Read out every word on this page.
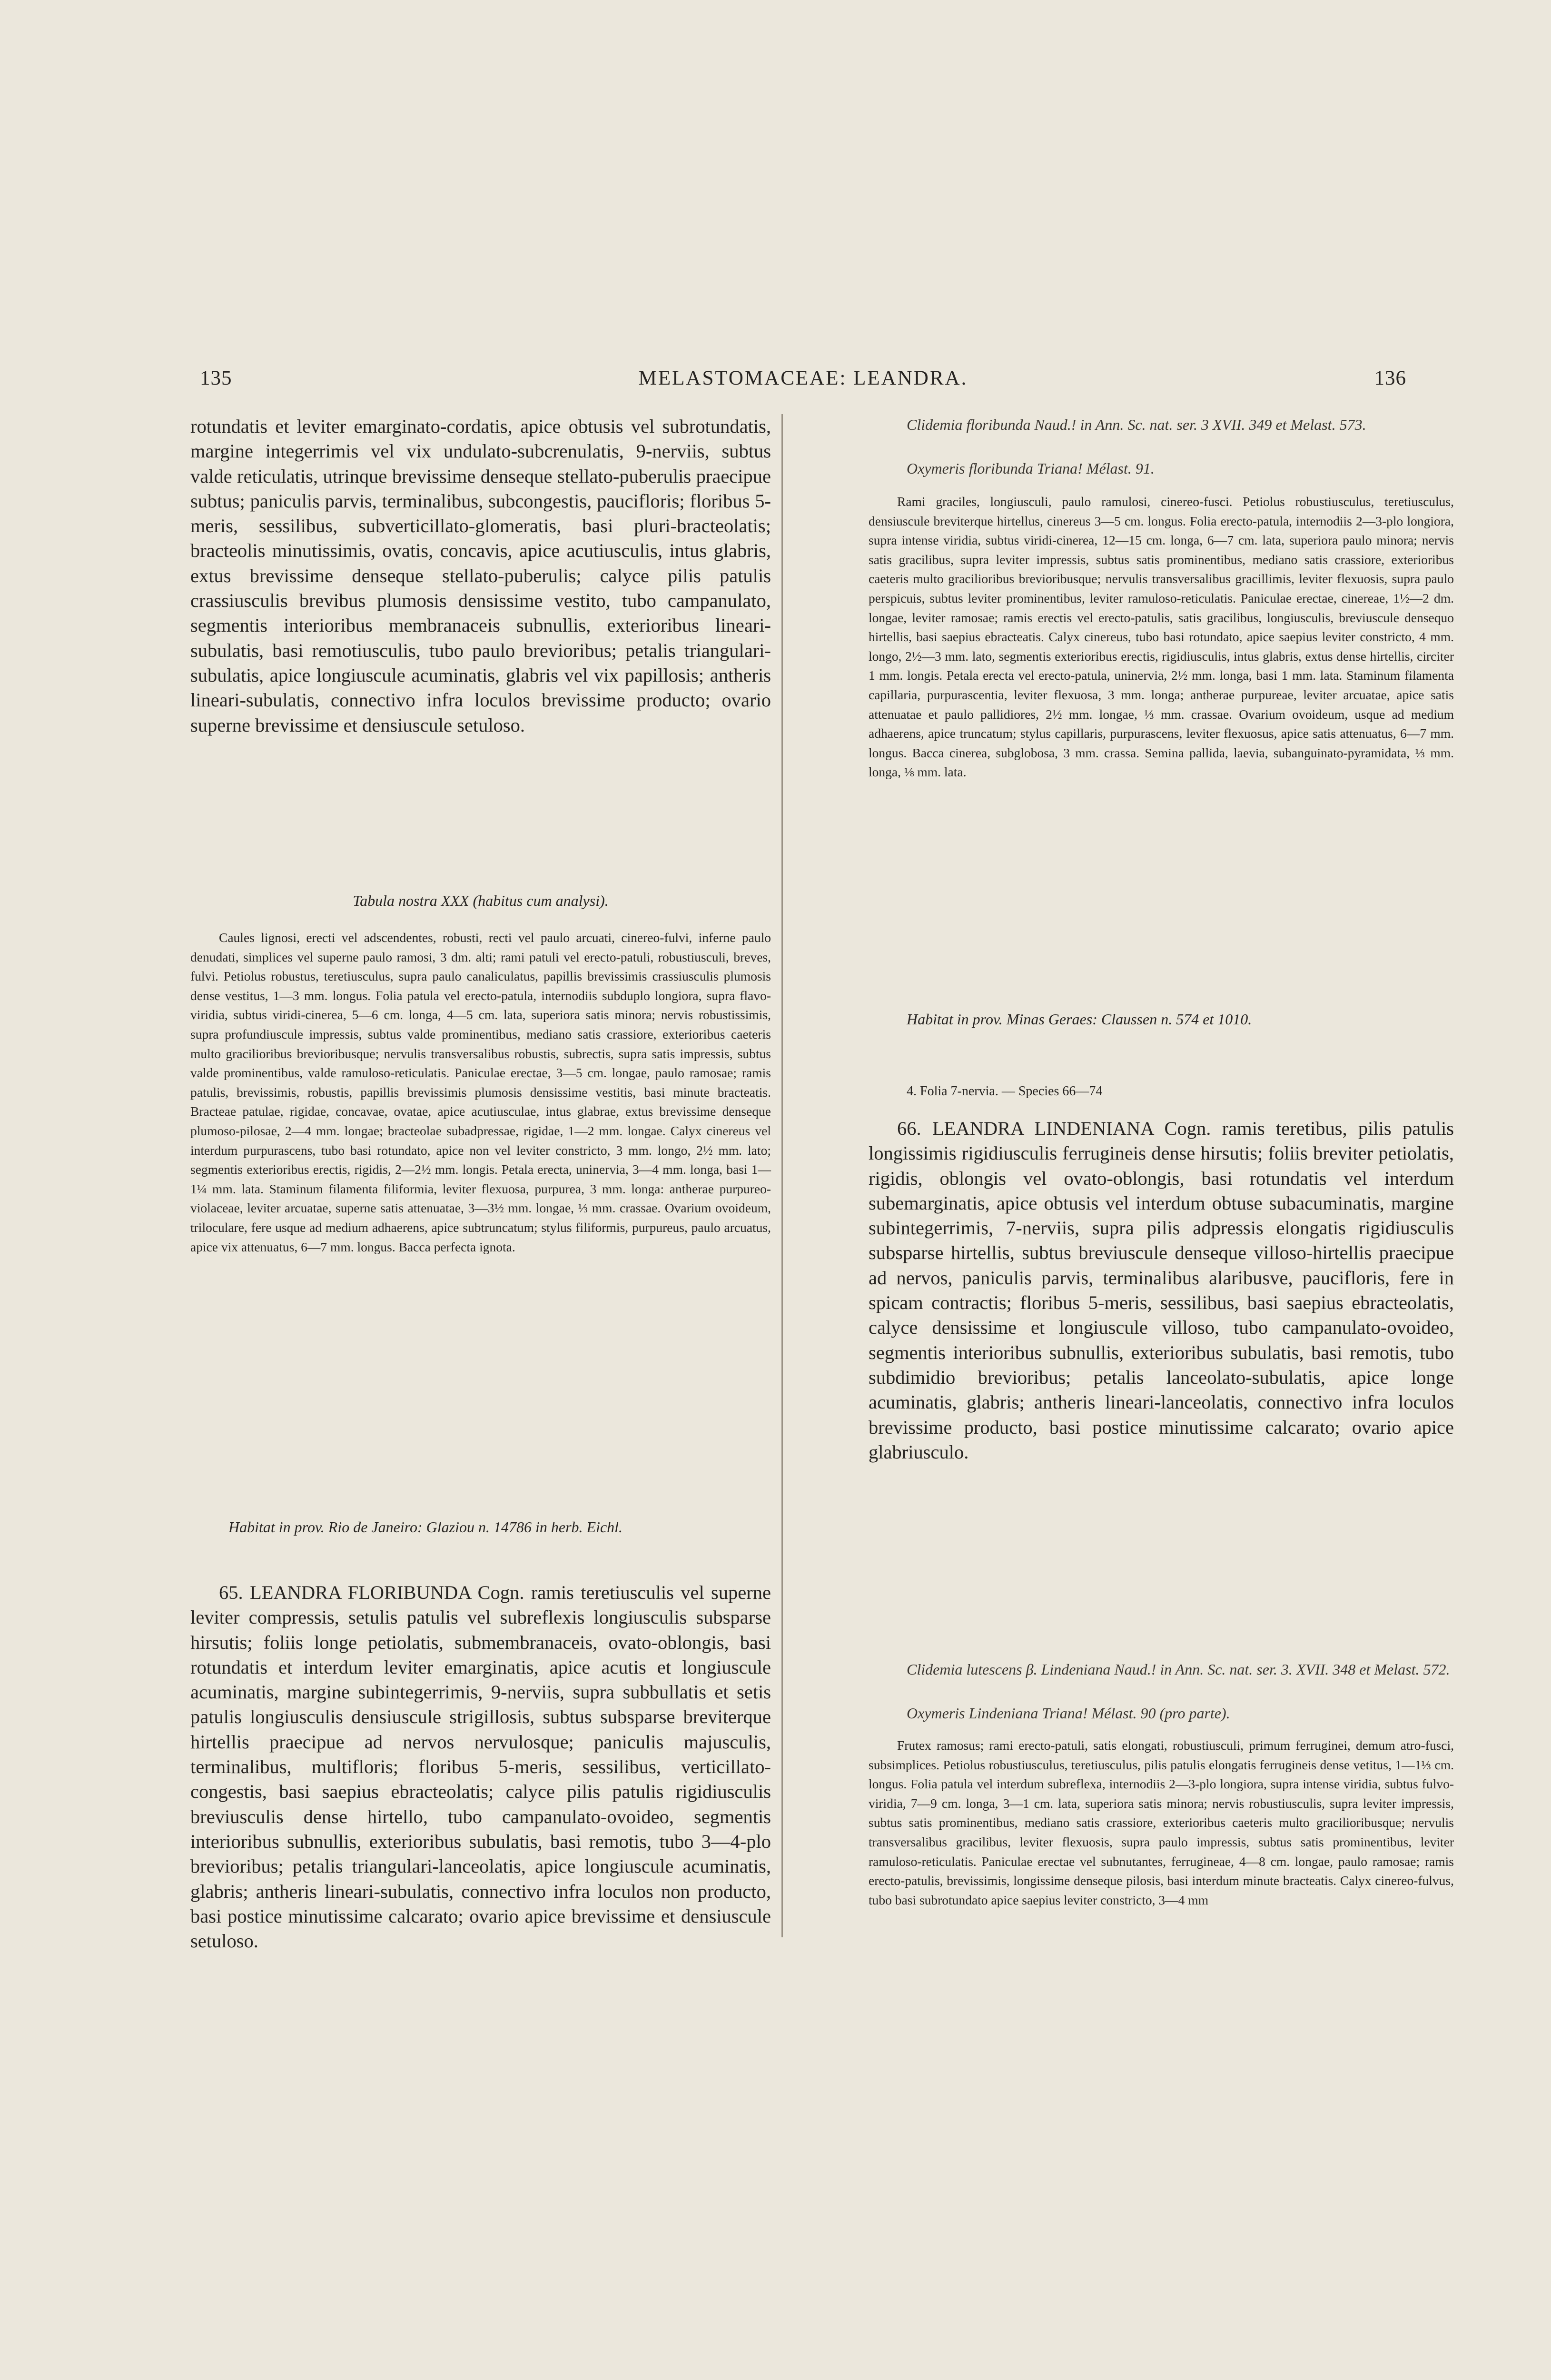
135	MELASTOMACEAE: LEANDRA.	136

rotundatis et leviter emarginato-cordatis, apice obtusis vel subrotundatis, margine integerrimis vel vix undulato-subcrenulatis, 9-nerviis, subtus valde reticulatis, utrinque brevissime denseque stellato-puberulis praecipue subtus; paniculis parvis, terminalibus, subcongestis, paucifloris; floribus 5-meris, sessilibus, subverticillato-glomeratis, basi pluri-bracteolatis; bracteolis minutissimis, ovatis, concavis, apice acutiusculis, intus glabris, extus brevissime denseque stellato-puberulis; calyce pilis patulis crassiusculis brevibus plumosis densissime vestito, tubo campanulato, segmentis interioribus membranaceis subnullis, exterioribus lineari-subulatis, basi remotiusculis, tubo paulo brevioribus; petalis triangulari-subulatis, apice longiuscule acuminatis, glabris vel vix papillosis; antheris lineari-subulatis, connectivo infra loculos brevissime producto; ovario superne brevissime et densiuscule setuloso.

Tabula nostra XXX (habitus cum analysi).

Caules lignosi, erecti vel adscendentes, robusti, recti vel paulo arcuati, cinereo-fulvi, inferne paulo denudati, simplices vel superne paulo ramosi, 3 dm. alti; rami patuli vel erecto-patuli, robustiusculi, breves, fulvi. Petiolus robustus, teretiusculus, supra paulo canaliculatus, papillis brevissimis crassiusculis plumosis dense vestitus, 1—3 mm. longus. Folia patula vel erecto-patula, internodiis subduplo longiora, supra flavo-viridia, subtus viridi-cinerea, 5—6 cm. longa, 4—5 cm. lata, superiora satis minora; nervis robustissimis, supra profundiuscule impressis, subtus valde prominentibus, mediano satis crassiore, exterioribus caeteris multo gracilioribus brevioribusque; nervulis transversalibus robustis, subrectis, supra satis impressis, subtus valde prominentibus, valde ramuloso-reticulatis. Paniculae erectae, 3—5 cm. longae, paulo ramosae; ramis patulis, brevissimis, robustis, papillis brevissimis plumosis densissime vestitis, basi minute bracteatis. Bracteae patulae, rigidae, concavae, ovatae, apice acutiusculae, intus glabrae, extus brevissime denseque plumoso-pilosae, 2—4 mm. longae; bracteolae subadpressae, rigidae, 1—2 mm. longae. Calyx cinereus vel interdum purpurascens, tubo basi rotundato, apice non vel leviter constricto, 3 mm. longo, 2½ mm. lato; segmentis exterioribus erectis, rigidis, 2—2½ mm. longis. Petala erecta, uninervia, 3—4 mm. longa, basi 1—1¼ mm. lata. Staminum filamenta filiformia, leviter flexuosa, purpurea, 3 mm. longa: antherae purpureo-violaceae, leviter arcuatae, superne satis attenuatae, 3—3½ mm. longae, ⅓ mm. crassae. Ovarium ovoideum, triloculare, fere usque ad medium adhaerens, apice subtruncatum; stylus filiformis, purpureus, paulo arcuatus, apice vix attenuatus, 6—7 mm. longus. Bacca perfecta ignota.

Habitat in prov. Rio de Janeiro: Glaziou n. 14786 in herb. Eichl.

65. LEANDRA FLORIBUNDA Cogn. ramis teretiusculis vel superne leviter compressis, setulis patulis vel subreflexis longiusculis subsparse hirsutis; foliis longe petiolatis, submembranaceis, ovato-oblongis, basi rotundatis et interdum leviter emarginatis, apice acutis et longiuscule acuminatis, margine subintegerrimis, 9-nerviis, supra subbullatis et setis patulis longiusculis densiuscule strigillosis, subtus subsparse breviterque hirtellis praecipue ad nervos nervulosque; paniculis majusculis, terminalibus, multifloris; floribus 5-meris, sessilibus, verticillato-congestis, basi saepius ebracteolatis; calyce pilis patulis rigidiusculis breviusculis dense hirtello, tubo campanulato-ovoideo, segmentis interioribus subnullis, exterioribus subulatis, basi remotis, tubo 3—4-plo brevioribus; petalis triangulari-lanceolatis, apice longiuscule acuminatis, glabris; antheris lineari-subulatis, connectivo infra loculos non producto, basi postice minutissime calcarato; ovario apice brevissime et densiuscule setuloso.

Clidemia floribunda Naud.! in Ann. Sc. nat. ser. 3 XVII. 349 et Melast. 573.

Oxymeris floribunda Triana! Mélast. 91.

Rami graciles, longiusculi, paulo ramulosi, cinereo-fusci. Petiolus robustiusculus, teretiusculus, densiuscule breviterque hirtellus, cinereus 3—5 cm. longus. Folia erecto-patula, internodiis 2—3-plo longiora, supra intense viridia, subtus viridi-cinerea, 12—15 cm. longa, 6—7 cm. lata, superiora paulo minora; nervis satis gracilibus, supra leviter impressis, subtus satis prominentibus, mediano satis crassiore, exterioribus caeteris multo gracilioribus brevioribusque; nervulis transversalibus gracillimis, leviter flexuosis, supra paulo perspicuis, subtus leviter prominentibus, leviter ramuloso-reticulatis. Paniculae erectae, cinereae, 1½—2 dm. longae, leviter ramosae; ramis erectis vel erecto-patulis, satis gracilibus, longiusculis, breviuscule densequo hirtellis, basi saepius ebracteatis. Calyx cinereus, tubo basi rotundato, apice saepius leviter constricto, 4 mm. longo, 2½—3 mm. lato, segmentis exterioribus erectis, rigidiusculis, intus glabris, extus dense hirtellis, circiter 1 mm. longis. Petala erecta vel erecto-patula, uninervia, 2½ mm. longa, basi 1 mm. lata. Staminum filamenta capillaria, purpurascentia, leviter flexuosa, 3 mm. longa; antherae purpureae, leviter arcuatae, apice satis attenuatae et paulo pallidiores, 2½ mm. longae, ⅓ mm. crassae. Ovarium ovoideum, usque ad medium adhaerens, apice truncatum; stylus capillaris, purpurascens, leviter flexuosus, apice satis attenuatus, 6—7 mm. longus. Bacca cinerea, subglobosa, 3 mm. crassa. Semina pallida, laevia, subanguinato-pyramidata, ⅓ mm. longa, ⅛ mm. lata.

Habitat in prov. Minas Geraes: Claussen n. 574 et 1010.

4. Folia 7-nervia. — Species 66—74

66. LEANDRA LINDENIANA Cogn. ramis teretibus, pilis patulis longissimis rigidiusculis ferrugineis dense hirsutis; foliis breviter petiolatis, rigidis, oblongis vel ovato-oblongis, basi rotundatis vel interdum subemarginatis, apice obtusis vel interdum obtuse subacuminatis, margine subintegerrimis, 7-nerviis, supra pilis adpressis elongatis rigidiusculis subsparse hirtellis, subtus breviuscule denseque villoso-hirtellis praecipue ad nervos, paniculis parvis, terminalibus alaribusve, paucifloris, fere in spicam contractis; floribus 5-meris, sessilibus, basi saepius ebracteolatis, calyce densissime et longiuscule villoso, tubo campanulato-ovoideo, segmentis interioribus subnullis, exterioribus subulatis, basi remotis, tubo subdimidio brevioribus; petalis lanceolato-subulatis, apice longe acuminatis, glabris; antheris lineari-lanceolatis, connectivo infra loculos brevissime producto, basi postice minutissime calcarato; ovario apice glabriusculo.

Clidemia lutescens β. Lindeniana Naud.! in Ann. Sc. nat. ser. 3. XVII. 348 et Melast. 572.

Oxymeris Lindeniana Triana! Mélast. 90 (pro parte).

Frutex ramosus; rami erecto-patuli, satis elongati, robustiusculi, primum ferruginei, demum atro-fusci, subsimplices. Petiolus robustiusculus, teretiusculus, pilis patulis elongatis ferrugineis dense vetitus, 1—1⅓ cm. longus. Folia patula vel interdum subreflexa, internodiis 2—3-plo longiora, supra intense viridia, subtus fulvo-viridia, 7—9 cm. longa, 3—1 cm. lata, superiora satis minora; nervis robustiusculis, supra leviter impressis, subtus satis prominentibus, mediano satis crassiore, exterioribus caeteris multo gracilioribusque; nervulis transversalibus gracilibus, leviter flexuosis, supra paulo impressis, subtus satis prominentibus, leviter ramuloso-reticulatis. Paniculae erectae vel subnutantes, ferrugineae, 4—8 cm. longae, paulo ramosae; ramis erecto-patulis, brevissimis, longissime denseque pilosis, basi interdum minute bracteatis. Calyx cinereo-fulvus, tubo basi subrotundato apice saepius leviter constricto, 3—4 mm
